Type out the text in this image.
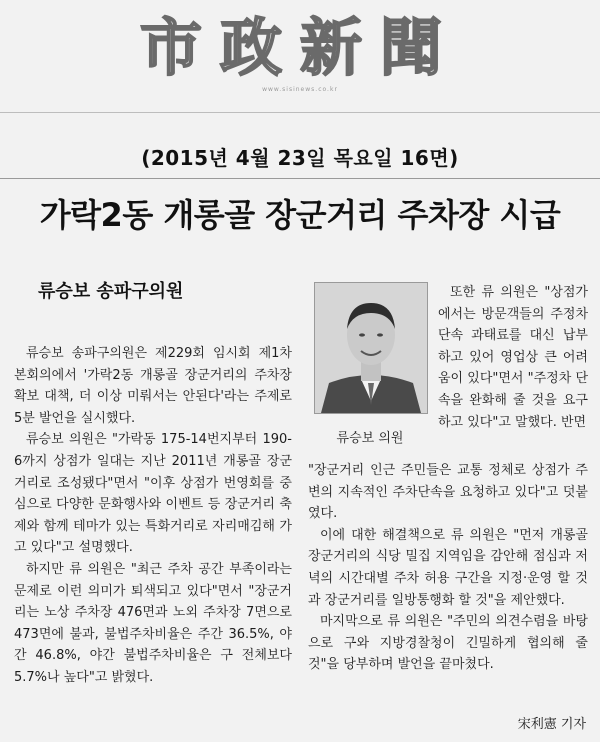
市政新聞
www.sisinews.co.kr
(2015년 4월 23일 목요일 16면)
가락2동 개롱골 장군거리 주차장 시급
류승보 송파구의원

류승보 송파구의원은 제229회 임시회 제1차 본회의에서 '가락2동 개롱골 장군거리의 주차장 확보 대책, 더 이상 미뤄서는 안된다'라는 주제로 5분 발언을 실시했다.

류승보 의원은 "가락동 175-14번지부터 190-6까지 상점가 일대는 지난 2011년 개롱골 장군거리로 조성됐다"면서 "이후 상점가 번영회를 중심으로 다양한 문화행사와 이벤트 등 장군거리 축제와 함께 테마가 있는 특화거리로 자리매김해 가고 있다"고 설명했다.

하지만 류 의원은 "최근 주차 공간 부족이라는 문제로 이런 의미가 퇴색되고 있다"면서 "장군거리는 노상 주차장 476면과 노외 주차장 7면으로 473면에 불과, 불법주차비율은 주간 36.5%, 야간 46.8%, 야간 불법주차비율은 구 전체보다 5.7%나 높다"고 밝혔다.

류승보 의원

또한 류 의원은 "상점가에서는 방문객들의 주정차 단속 과태료를 대신 납부하고 있어 영업상 큰 어려움이 있다"면서 "주정차 단속을 완화해 줄 것을 요구하고 있다"고 말했다. 반면

"장군거리 인근 주민들은 교통 정체로 상점가 주변의 지속적인 주차단속을 요청하고 있다"고 덧붙였다.

이에 대한 해결책으로 류 의원은 "먼저 개롱골 장군거리의 식당 밀집 지역임을 감안해 점심과 저녁의 시간대별 주차 허용 구간을 지정·운영 할 것과 장군거리를 일방통행화 할 것"을 제안했다.

마지막으로 류 의원은 "주민의 의견수렴을 바탕으로 구와 지방경찰청이 긴밀하게 협의해 줄 것"을 당부하며 발언을 끝마쳤다.

宋利憲 기자
